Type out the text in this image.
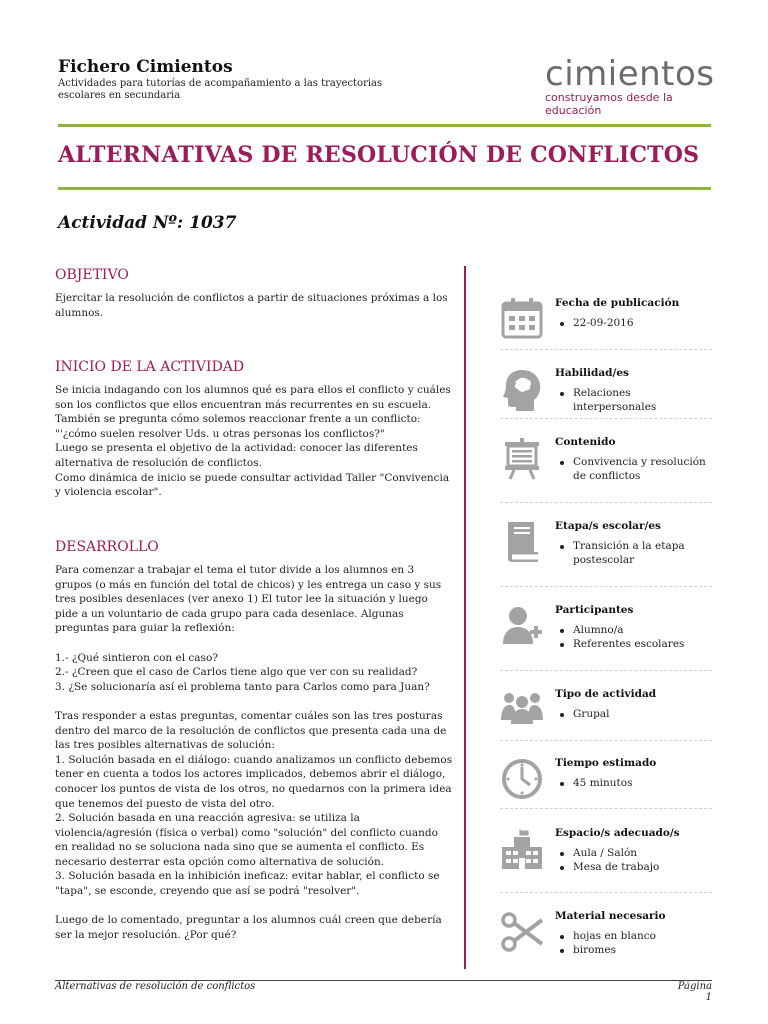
Fichero Cimientos
Actividades para tutorías de acompañamiento a las trayectorias escolares en secundaria
cimientos
construyamos desde la educación
ALTERNATIVAS DE RESOLUCIÓN DE CONFLICTOS
Actividad Nº: 1037
OBJETIVO

Ejercitar la resolución de conflictos a partir de situaciones próximas a los alumnos.

INICIO DE LA ACTIVIDAD

Se inicia indagando con los alumnos qué es para ellos el conflicto y cuáles son los conflictos que ellos encuentran más recurrentes en su escuela.
También se pregunta cómo solemos reaccionar frente a un conflicto: "'¿cómo suelen resolver Uds. u otras personas los conflictos?"
Luego se presenta el objetivo de la actividad: conocer las diferentes alternativa de resolución de conflictos.
Como dinámica de inicio se puede consultar actividad Taller "Convivencia y violencia escolar".

DESARROLLO

Para comenzar a trabajar el tema el tutor divide a los alumnos en 3 grupos (o más en función del total de chicos) y les entrega un caso y sus tres posibles desenlaces (ver anexo 1) El tutor lee la situación y luego pide a un voluntario de cada grupo para cada desenlace. Algunas preguntas para guiar la reflexión:

1.- ¿Qué sintieron con el caso?
2.- ¿Creen que el caso de Carlos tiene algo que ver con su realidad?
3. ¿Se solucionaría así el problema tanto para Carlos como para Juan?

Tras responder a estas preguntas, comentar cuáles son las tres posturas dentro del marco de la resolución de conflictos que presenta cada una de las tres posibles alternativas de solución:
1. Solución basada en el diálogo: cuando analizamos un conflicto debemos tener en cuenta a todos los actores implicados, debemos abrir el diálogo, conocer los puntos de vista de los otros, no quedarnos con la primera idea que tenemos del puesto de vista del otro.
2. Solución basada en una reacción agresiva: se utiliza la violencia/agresión (física o verbal) como "solución" del conflicto cuando en realidad no se soluciona nada sino que se aumenta el conflicto. Es necesario desterrar esta opción como alternativa de solución.
3. Solución basada en la inhibición ineficaz: evitar hablar, el conflicto se "tapa", se esconde, creyendo que así se podrá "resolver".

Luego de lo comentado, preguntar a los alumnos cuál creen que debería ser la mejor resolución. ¿Por qué?

Fecha de publicación
22-09-2016
Habilidad/es
Relaciones interpersonales
Contenido
Convivencia y resolución de conflictos
Etapa/s escolar/es
Transición a la etapa postescolar
Participantes
Alumno/a
Referentes escolares
Tipo de actividad
Grupal
Tiempo estimado
45 minutos
Espacio/s adecuado/s
Aula / Salón
Mesa de trabajo
Material necesario
hojas en blanco
biromes
Alternativas de resolución de conflictos	Página 1
